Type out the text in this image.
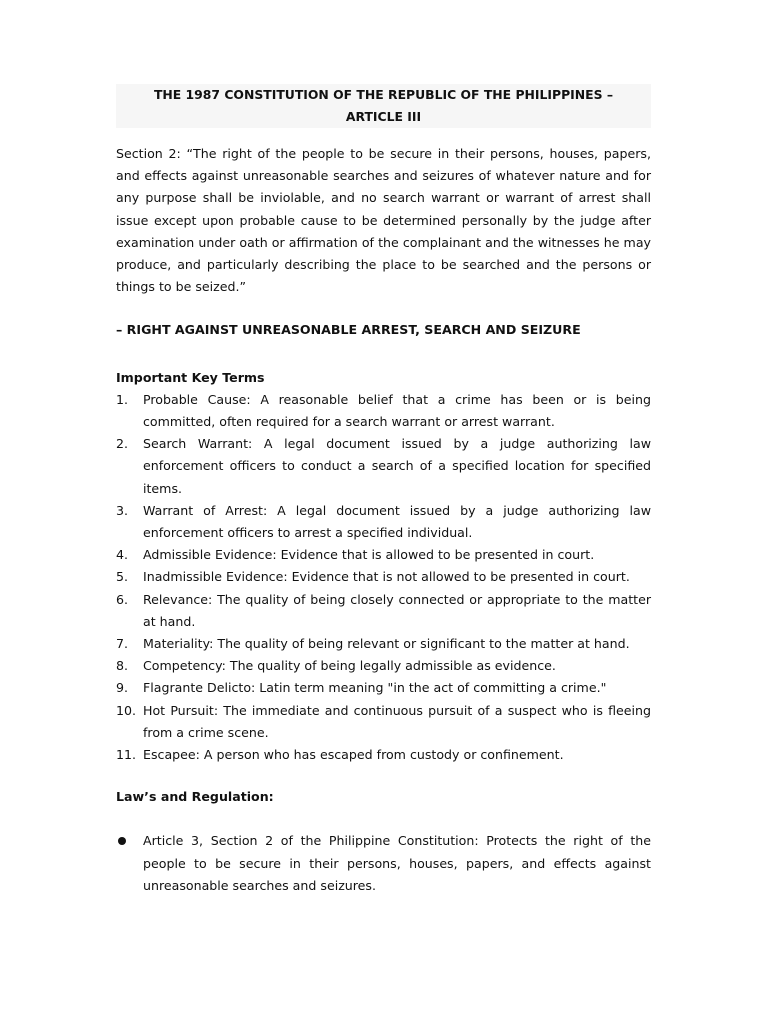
THE 1987 CONSTITUTION OF THE REPUBLIC OF THE PHILIPPINES –
ARTICLE III

Section 2: “The right of the people to be secure in their persons, houses, papers, and effects against unreasonable searches and seizures of whatever nature and for any purpose shall be inviolable, and no search warrant or warrant of arrest shall issue except upon probable cause to be determined personally by the judge after examination under oath or affirmation of the complainant and the witnesses he may produce, and particularly describing the place to be searched and the persons or things to be seized.”

– RIGHT AGAINST UNREASONABLE ARREST, SEARCH AND SEIZURE

Important Key Terms

1. Probable Cause: A reasonable belief that a crime has been or is being committed, often required for a search warrant or arrest warrant.
2. Search Warrant: A legal document issued by a judge authorizing law enforcement officers to conduct a search of a specified location for specified items.
3. Warrant of Arrest: A legal document issued by a judge authorizing law enforcement officers to arrest a specified individual.
4. Admissible Evidence: Evidence that is allowed to be presented in court.
5. Inadmissible Evidence: Evidence that is not allowed to be presented in court.
6. Relevance: The quality of being closely connected or appropriate to the matter at hand.
7. Materiality: The quality of being relevant or significant to the matter at hand.
8. Competency: The quality of being legally admissible as evidence.
9. Flagrante Delicto: Latin term meaning "in the act of committing a crime."
10. Hot Pursuit: The immediate and continuous pursuit of a suspect who is fleeing from a crime scene.
11. Escapee: A person who has escaped from custody or confinement.

Law’s and Regulation:

Article 3, Section 2 of the Philippine Constitution: Protects the right of the people to be secure in their persons, houses, papers, and effects against unreasonable searches and seizures.
